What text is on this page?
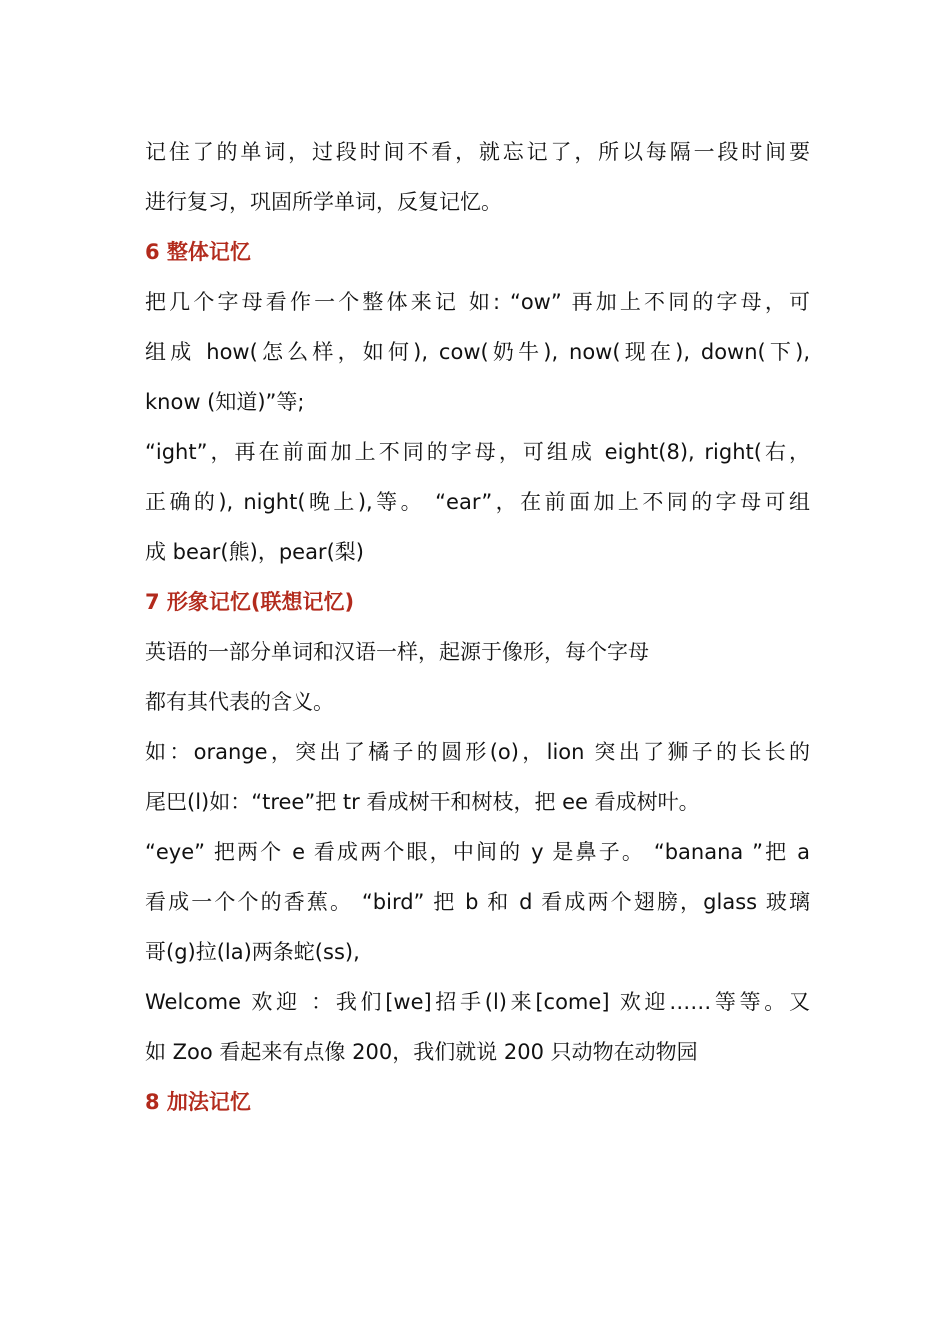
记住了的单词，过段时间不看，就忘记了，所以每隔一段时间要
进行复习，巩固所学单词，反复记忆。
6 整体记忆
把几个字母看作一个整体来记 如: “ow” 再加上不同的字母，可
组成 how(怎么样，如何), cow(奶牛), now(现在), down(下),
know (知道)”等;
“ight”，再在前面加上不同的字母，可组成 eight(8), right(右，
正确的), night(晚上),等。 “ear”，在前面加上不同的字母可组
成 bear(熊)，pear(梨)
7 形象记忆(联想记忆)
英语的一部分单词和汉语一样，起源于像形，每个字母
都有其代表的含义。
如：orange，突出了橘子的圆形(o)，lion 突出了狮子的长长的
尾巴(l)如：“tree”把 tr 看成树干和树枝，把 ee 看成树叶。
“eye” 把两个 e 看成两个眼，中间的 y 是鼻子。 “banana ”把 a
看成一个个的香蕉。 “bird” 把 b 和 d 看成两个翅膀，glass 玻璃
哥(g)拉(la)两条蛇(ss),
Welcome 欢迎 ：我们[we]招手(l)来[come] 欢迎……等等。又
如 Zoo 看起来有点像 200，我们就说 200 只动物在动物园
8 加法记忆
